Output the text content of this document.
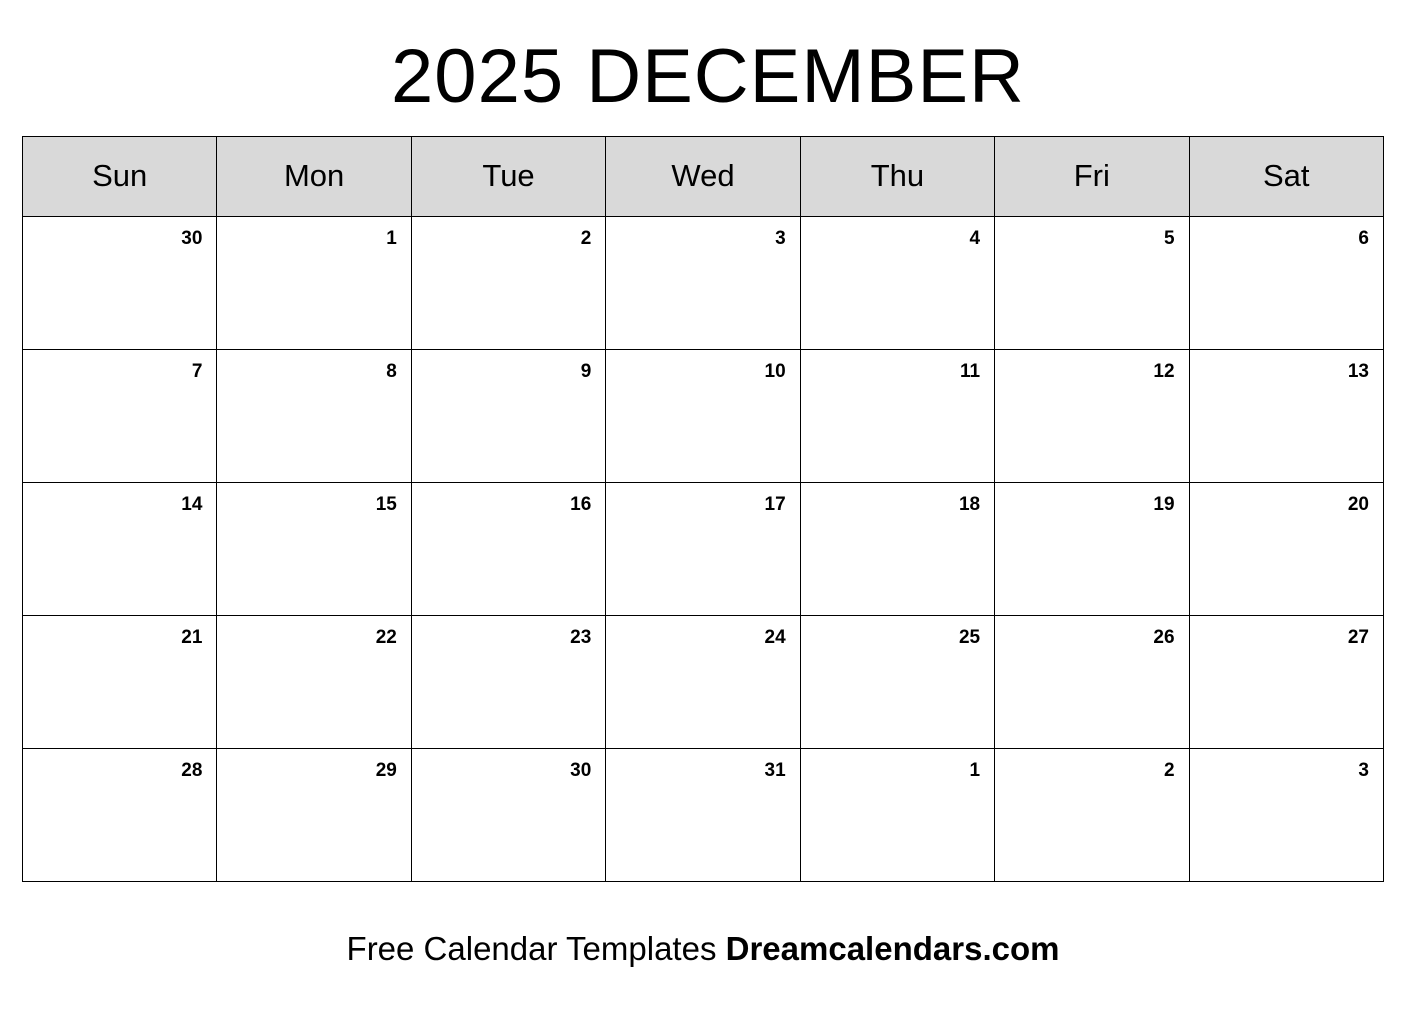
2025 DECEMBER
Sun	Mon	Tue	Wed	Thu	Fri	Sat

30	1	2	3	4	5	6

7	8	9	10	11	12	13

14	15	16	17	18	19	20

21	22	23	24	25	26	27

28	29	30	31	1	2	3
Free Calendar Templates Dreamcalendars.com
